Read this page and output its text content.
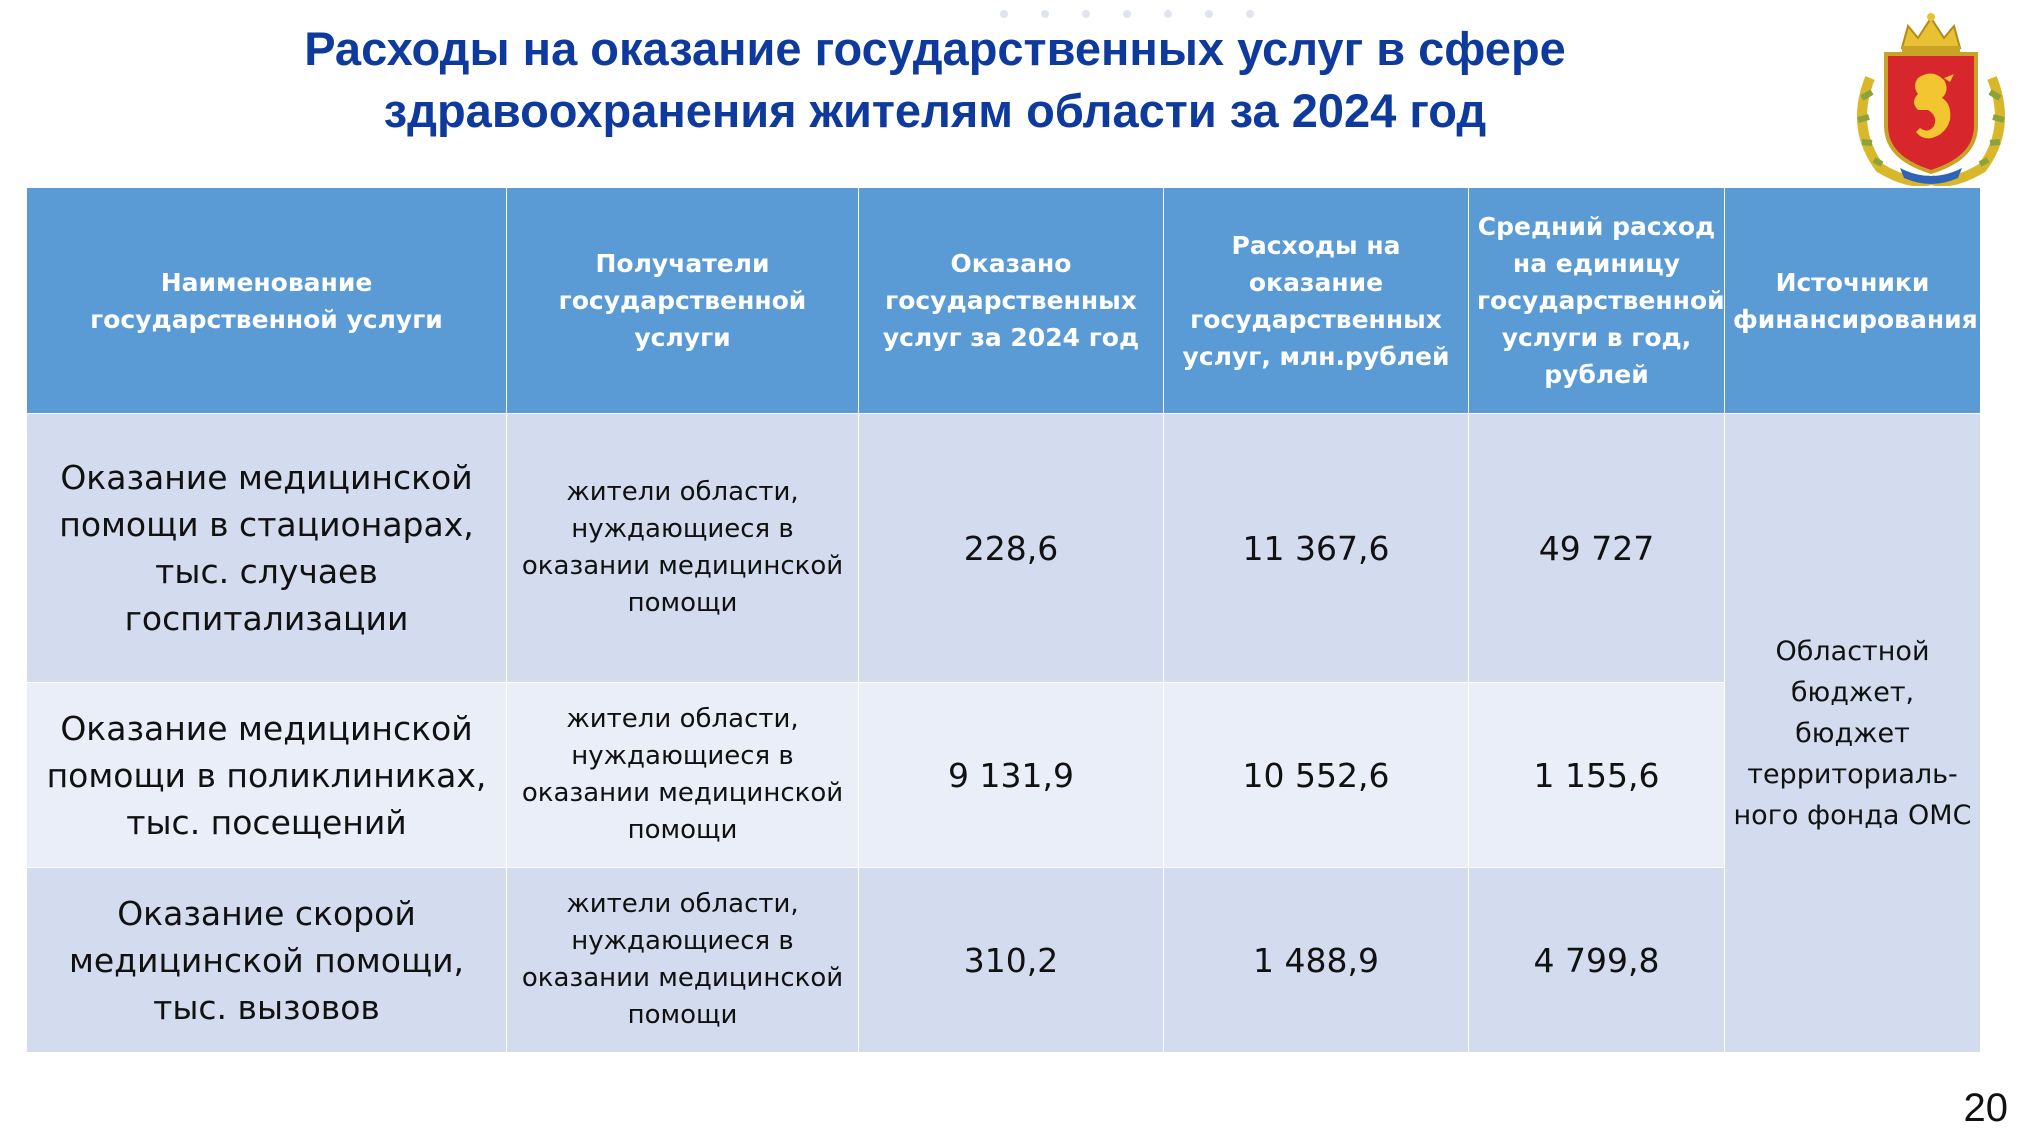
Расходы на оказание государственных услуг в сфере здравоохранения жителям области за 2024 год
Наименование государственной услуги	Получатели государственной услуги	Оказано государственных услуг за 2024 год	Расходы на оказание государственных услуг, млн.рублей	Средний расход на единицу государственной услуги в год, рублей	Источники финансирования
Оказание медицинской помощи в стационарах, тыс. случаев госпитализации	жители области, нуждающиеся в оказании медицинской помощи	228,6	11 367,6	49 727	Областной бюджет, бюджет территориаль-ного фонда ОМС
Оказание медицинской помощи в поликлиниках, тыс. посещений	жители области, нуждающиеся в оказании медицинской помощи	9 131,9	10 552,6	1 155,6	
Оказание скорой медицинской помощи, тыс. вызовов	жители области, нуждающиеся в оказании медицинской помощи	310,2	1 488,9	4 799,8	
20
